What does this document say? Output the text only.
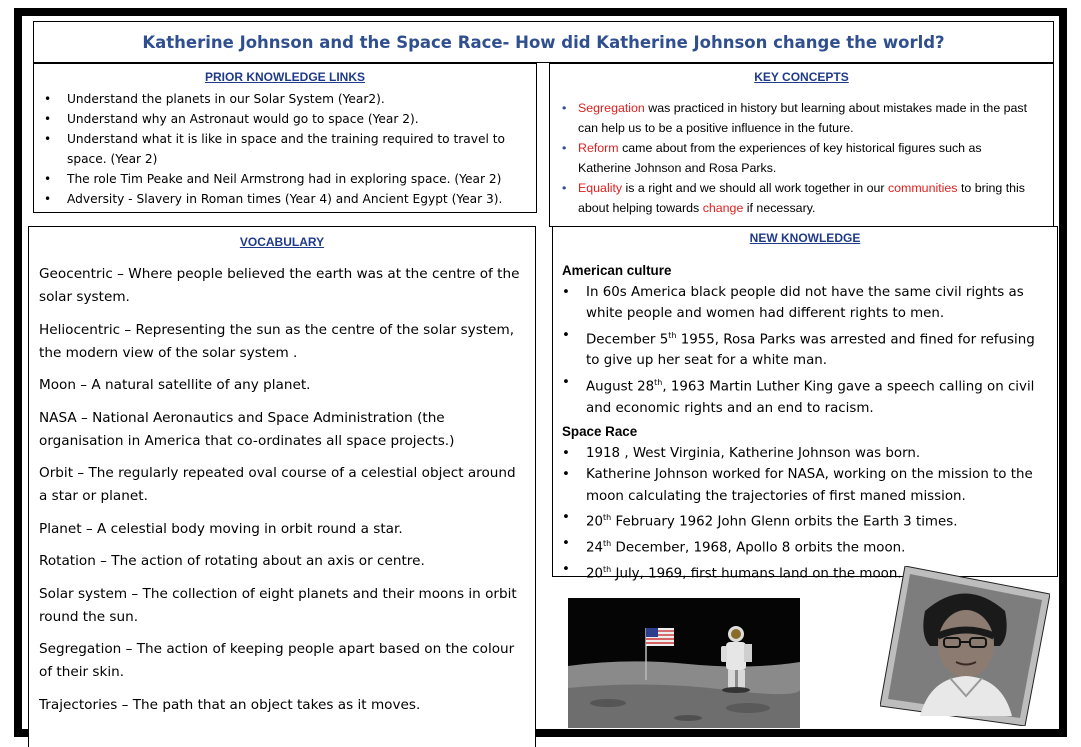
Katherine Johnson and the Space Race- How did Katherine Johnson change the world?
PRIOR KNOWLEDGE LINKS
• Understand the planets in our Solar System (Year2).
• Understand why an Astronaut would go to space (Year 2).
• Understand what it is like in space and the training required to travel to space. (Year 2)
• The role Tim Peake and Neil Armstrong had in exploring space. (Year 2)
• Adversity - Slavery in Roman times (Year 4) and Ancient Egypt (Year 3).
KEY CONCEPTS
• Segregation was practiced in history but learning about mistakes made in the past can help us to be a positive influence in the future.
• Reform came about from the experiences of key historical figures such as Katherine Johnson and Rosa Parks.
• Equality is a right and we should all work together in our communities to bring this about helping towards change if necessary.
VOCABULARY

Geocentric – Where people believed the earth was at the centre of the solar system.

Heliocentric – Representing the sun as the centre of the solar system, the modern view of the solar system .

Moon – A natural satellite of any planet.

NASA – National Aeronautics and Space Administration (the organisation in America that co-ordinates all space projects.)

Orbit – The regularly repeated oval course of a celestial object around a star or planet.

Planet – A celestial body moving in orbit round a star.

Rotation – The action of rotating about an axis or centre.

Solar system – The collection of eight planets and their moons in orbit round the sun.

Segregation – The action of keeping people apart based on the colour of their skin.

Trajectories – The path that an object takes as it moves.

NEW KNOWLEDGE
American culture
• In 60s America black people did not have the same civil rights as white people and women had different rights to men.
• December 5th 1955, Rosa Parks was arrested and fined for refusing to give up her seat for a white man.
• August 28th, 1963 Martin Luther King gave a speech calling on civil and economic rights and an end to racism.
Space Race
• 1918 , West Virginia, Katherine Johnson was born.
• Katherine Johnson worked for NASA, working on the mission to the moon calculating the trajectories of first maned mission.
• 20th February 1962 John Glenn orbits the Earth 3 times.
• 24th December, 1968, Apollo 8 orbits the moon.
• 20th July, 1969, first humans land on the moon.
